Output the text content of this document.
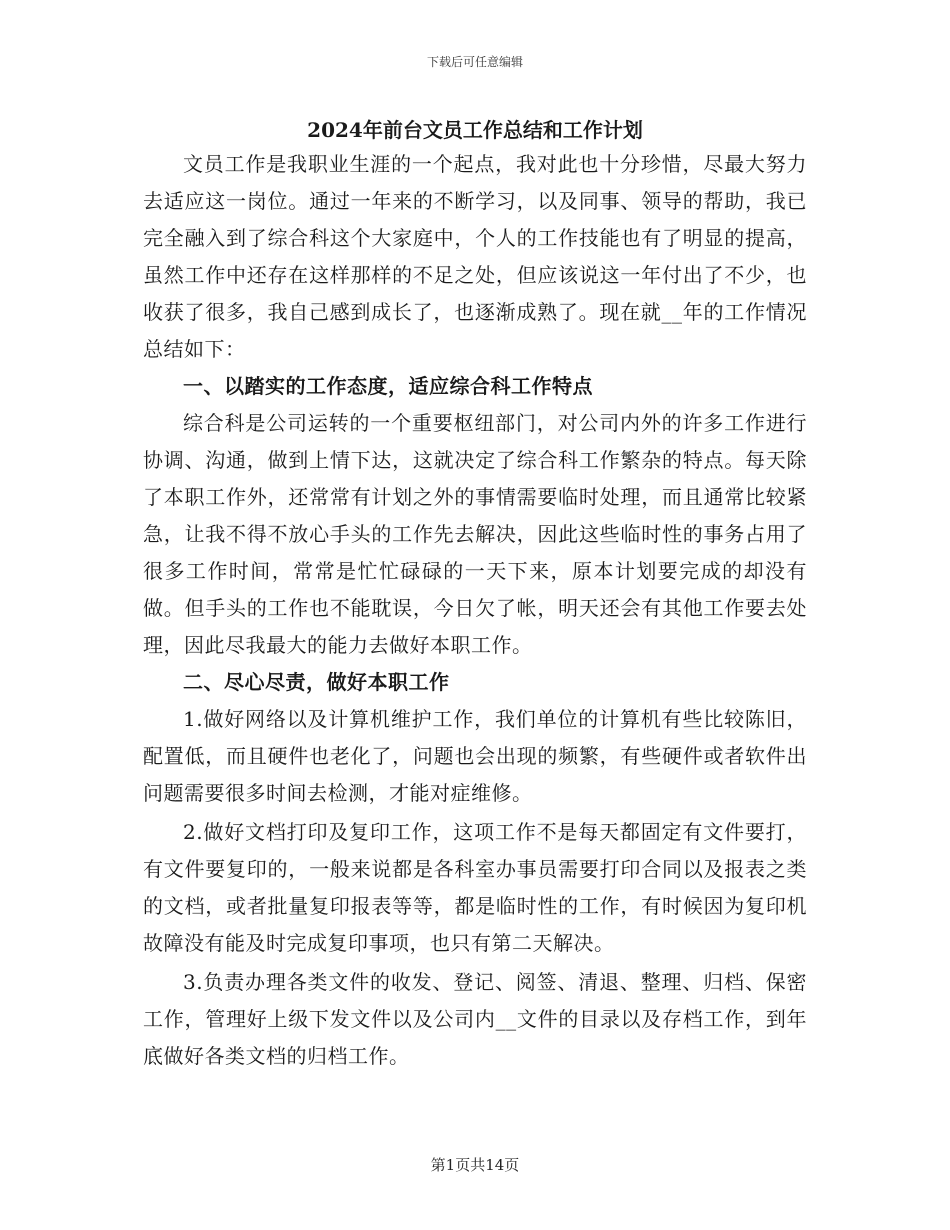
下载后可任意编辑
2024年前台文员工作总结和工作计划

文员工作是我职业生涯的一个起点，我对此也十分珍惜，尽最大努力去适应这一岗位。通过一年来的不断学习，以及同事、领导的帮助，我已完全融入到了综合科这个大家庭中，个人的工作技能也有了明显的提高，虽然工作中还存在这样那样的不足之处，但应该说这一年付出了不少，也收获了很多，我自己感到成长了，也逐渐成熟了。现在就__年的工作情况总结如下：

一、以踏实的工作态度，适应综合科工作特点

综合科是公司运转的一个重要枢纽部门，对公司内外的许多工作进行协调、沟通，做到上情下达，这就决定了综合科工作繁杂的特点。每天除了本职工作外，还常常有计划之外的事情需要临时处理，而且通常比较紧急，让我不得不放心手头的工作先去解决，因此这些临时性的事务占用了很多工作时间，常常是忙忙碌碌的一天下来，原本计划要完成的却没有做。但手头的工作也不能耽误，今日欠了帐，明天还会有其他工作要去处理，因此尽我最大的能力去做好本职工作。

二、尽心尽责，做好本职工作

1.做好网络以及计算机维护工作，我们单位的计算机有些比较陈旧，配置低，而且硬件也老化了，问题也会出现的频繁，有些硬件或者软件出问题需要很多时间去检测，才能对症维修。

2.做好文档打印及复印工作，这项工作不是每天都固定有文件要打，有文件要复印的，一般来说都是各科室办事员需要打印合同以及报表之类的文档，或者批量复印报表等等，都是临时性的工作，有时候因为复印机故障没有能及时完成复印事项，也只有第二天解决。

3.负责办理各类文件的收发、登记、阅签、清退、整理、归档、保密工作，管理好上级下发文件以及公司内__文件的目录以及存档工作，到年底做好各类文档的归档工作。

第1页共14页
